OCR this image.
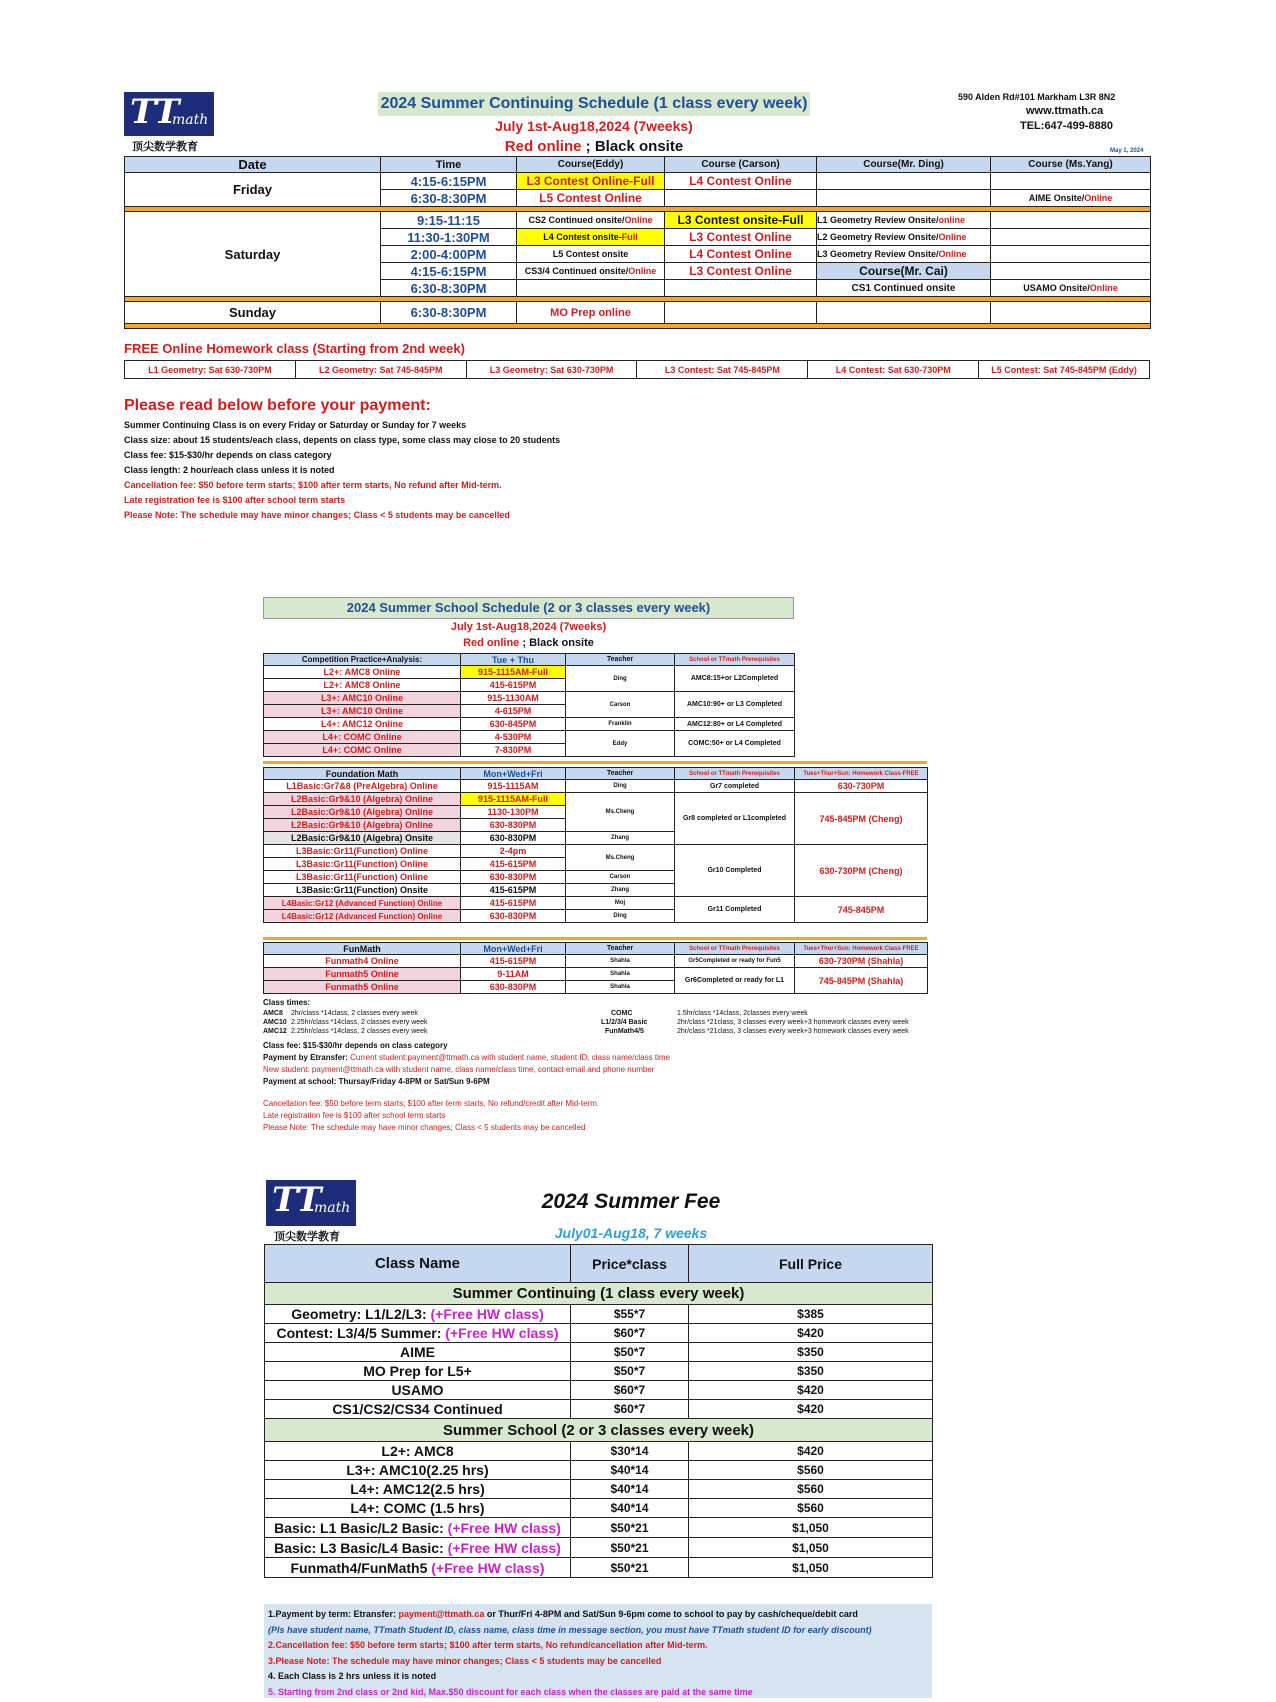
TT
math
顶尖数学教育
2024 Summer Continuing Schedule (1 class every week)
July 1st-Aug18,2024 (7weeks)
Red online ; Black onsite
590 Alden Rd#101 Markham L3R 8N2
www.ttmath.ca
TEL:647-499-8880
May 1, 2024
Date	Time	Course(Eddy)	Course (Carson)	Course(Mr. Ding)	Course (Ms.Yang)
Friday	4:15-6:15PM	L3 Contest Online-Full	L4 Contest Online		
	6:30-8:30PM	L5 Contest Online			AIME Onsite/Online

Saturday	9:15-11:15	CS2 Continued onsite/Online	L3 Contest onsite-Full	L1 Geometry Review Onsite/online	
	11:30-1:30PM	L4 Contest onsite-Full	L3 Contest Online	L2 Geometry Review Onsite/Online	
	2:00-4:00PM	L5 Contest onsite	L4 Contest Online	L3 Geometry Review Onsite/Online	
	4:15-6:15PM	CS3/4 Continued onsite/Online	L3 Contest Online	Course(Mr. Cai)	
	6:30-8:30PM			CS1 Continued onsite	USAMO Onsite/Online

Sunday	6:30-8:30PM	MO Prep online			

FREE Online Homework class (Starting from 2nd week)
L1 Geometry: Sat 630-730PM	L2 Geometry: Sat 745-845PM	L3 Geometry: Sat 630-730PM	L3 Contest: Sat 745-845PM	L4 Contest: Sat 630-730PM	L5 Contest: Sat 745-845PM (Eddy)
Please read below before your payment:
Summer Continuing Class is on every Friday or Saturday or Sunday for 7 weeks
Class size: about 15 students/each class, depents on class type, some class may close to 20 students
Class fee: $15-$30/hr depends on class category
Class length: 2 hour/each class unless it is noted
Cancellation fee: $50 before term starts; $100 after term starts, No refund after Mid-term.
Late registration fee is $100 after school term starts
Please Note: The schedule may have minor changes; Class < 5 students may be cancelled
2024 Summer School Schedule (2 or 3 classes every week)
July 1st-Aug18,2024 (7weeks)
Red online ; Black onsite
Competition Practice+Analysis:	Tue + Thu	Teacher	School or TTmath Prerequisites
L2+: AMC8 Online	915-1115AM-Full	Ding	AMC8:15+or L2Completed
L2+: AMC8 Online	415-615PM		
L3+: AMC10 Online	915-1130AM	Carson	AMC10:90+ or L3 Completed
L3+: AMC10 Online	4-615PM		
L4+: AMC12 Online	630-845PM	Franklin	AMC12:80+ or L4 Completed
L4+: COMC Online	4-530PM	Eddy	COMC:50+ or L4 Completed
L4+: COMC Online	7-830PM		
Foundation Math	Mon+Wed+Fri	Teacher	School or TTmath Prerequisites	Tues+Thur+Sun: Homework Class-FREE
L1Basic:Gr7&8 (PreAlgebra) Online	915-1115AM	Ding	Gr7 completed	630-730PM
L2Basic:Gr9&10 (Algebra) Online	915-1115AM-Full	Ms.Cheng	Gr8 completed or L1completed	745-845PM (Cheng)
L2Basic:Gr9&10 (Algebra) Online	1130-130PM			
L2Basic:Gr9&10 (Algebra) Online	630-830PM			
L2Basic:Gr9&10 (Algebra) Onsite	630-830PM	Zhang		
L3Basic:Gr11(Function) Online	2-4pm	Ms.Cheng	Gr10 Completed	630-730PM (Cheng)
L3Basic:Gr11(Function) Online	415-615PM			
L3Basic:Gr11(Function) Online	630-830PM	Carson		
L3Basic:Gr11(Function) Onsite	415-615PM	Zhang		
L4Basic:Gr12 (Advanced Function) Online	415-615PM	Moj	Gr11 Completed	745-845PM
L4Basic:Gr12 (Advanced Function) Online	630-830PM	Ding		
FunMath	Mon+Wed+Fri	Teacher	School or TTmath Prerequisites	Tues+Thur+Sun: Homework Class-FREE
Funmath4 Online	415-615PM	Shahla	Gr5Completed or ready for Fun5	630-730PM (Shahla)
Funmath5 Online	9-11AM	Shahla	Gr6Completed or ready for L1	745-845PM (Shahla)
Funmath5 Online	630-830PM	Shahla		
Class times:
AMC8 2hr/class *14class, 2 classes every week	COMC	1.5hr/class *14class, 2classes every week
AMC10 2.25hr/class *14class, 2 classes every week	L1/2/3/4 Basic	2hr/class *21class, 3 classes every week+3 homework classes every week
AMC12 2.25hr/class *14class, 2 classes every week	FunMath4/5	2hr/class *21class, 3 classes every week+3 homework classes every week
Class fee: $15-$30/hr depends on class category
Payment by Etransfer: Current student:payment@ttmath.ca with student name, student ID, class name/class time
New student: payment@ttmath.ca with student name, class name/class time, contact email and phone number
Payment at school: Thursay/Friday 4-8PM or Sat/Sun 9-6PM
Cancellation fee: $50 before term starts; $100 after term starts, No refund/credit after Mid-term.
Late registration fee is $100 after school term starts
Please Note: The schedule may have minor changes; Class < 5 students may be cancelled
TT
math
顶尖数学教育
2024 Summer Fee
July01-Aug18, 7 weeks
Class Name	Price*class	Full Price
Summer Continuing (1 class every week)		
Geometry: L1/L2/L3: (+Free HW class)	$55*7	$385
Contest: L3/4/5 Summer: (+Free HW class)	$60*7	$420
AIME	$50*7	$350
MO Prep for L5+	$50*7	$350
USAMO	$60*7	$420
CS1/CS2/CS34 Continued	$60*7	$420
Summer School (2 or 3 classes every week)		
L2+: AMC8	$30*14	$420
L3+: AMC10(2.25 hrs)	$40*14	$560
L4+: AMC12(2.5 hrs)	$40*14	$560
L4+: COMC (1.5 hrs)	$40*14	$560
Basic: L1 Basic/L2 Basic: (+Free HW class)	$50*21	$1,050
Basic: L3 Basic/L4 Basic: (+Free HW class)	$50*21	$1,050
Funmath4/FunMath5 (+Free HW class)	$50*21	$1,050
1.Payment by term: Etransfer: payment@ttmath.ca or Thur/Fri 4-8PM and Sat/Sun 9-6pm come to school to pay by cash/cheque/debit card
(Pls have student name, TTmath Student ID, class name, class time in message section, you must have TTmath student ID for early discount)
2.Cancellation fee: $50 before term starts; $100 after term starts, No refund/cancellation after Mid-term.
3.Please Note: The schedule may have minor changes; Class < 5 students may be cancelled
4. Each Class is 2 hrs unless it is noted
5. Starting from 2nd class or 2nd kid, Max.$50 discount for each class when the classes are paid at the same time
